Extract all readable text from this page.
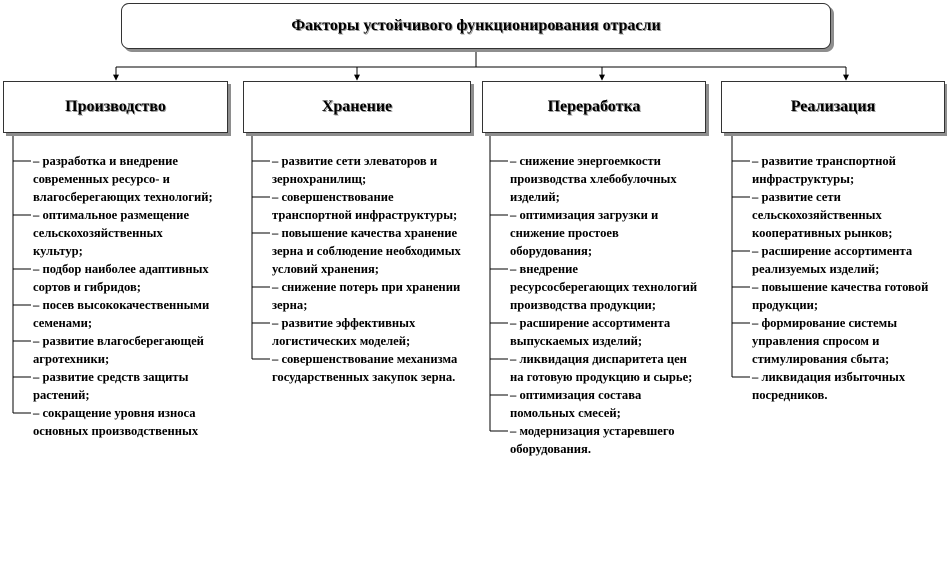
Факторы устойчивого функционирования отрасли
Производство	Хранение	Переработка	Реализация
– разработка и внедрение современных ресурсо- и влагосберегающих технологий;
– оптимальное размещение сельскохозяйственных культур;
– подбор наиболее адаптивных сортов и гибридов;
– посев высококачественными семенами;
– развитие влагосберегающей агротехники;
– развитие средств защиты растений;
– сокращение уровня износа основных производственных
– развитие сети элеваторов и зернохранилищ;
– совершенствование транспортной инфраструктуры;
– повышение качества хранение зерна и соблюдение необходимых условий хранения;
– снижение потерь при хранении зерна;
– развитие эффективных логистических моделей;
– совершенствование механизма государственных закупок зерна.
– снижение энергоемкости производства хлебобулочных изделий;
– оптимизация загрузки и снижение простоев оборудования;
– внедрение ресурсосберегающих технологий производства продукции;
– расширение ассортимента выпускаемых изделий;
– ликвидация диспаритета цен на готовую продукцию и сырье;
– оптимизация состава помольных смесей;
– модернизация устаревшего оборудования.
– развитие транспортной инфраструктуры;
– развитие сети сельскохозяйственных кооперативных рынков;
– расширение ассортимента реализуемых изделий;
– повышение качества готовой продукции;
– формирование системы управления спросом и стимулирования сбыта;
– ликвидация избыточных посредников.
